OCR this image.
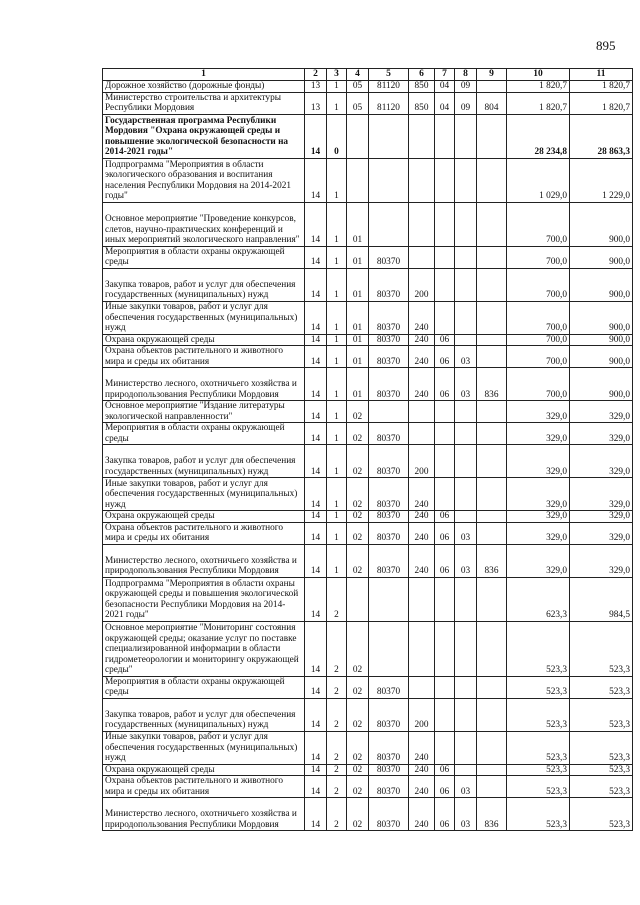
895
1	2	3	4	5	6	7	8	9	10	11
Дорожное хозяйство (дорожные фонды)	13	1	05	81120	850	04	09		1 820,7	1 820,7
Министерство строительства и архитектуры Республики Мордовия	13	1	05	81120	850	04	09	804	1 820,7	1 820,7
Государственная программа Республики Мордовия "Охрана окружающей среды и повышение экологической безопасности на 2014-2021 годы"	14	0							28 234,8	28 863,3
Подпрограмма "Мероприятия в области экологического образования и воспитания населения Республики Мордовия на 2014-2021 годы"	14	1							1 029,0	1 229,0
Основное мероприятие "Проведение конкурсов, слетов, научно-практических конференций и иных мероприятий экологического направления"	14	1	01						700,0	900,0
Мероприятия в области охраны окружающей среды	14	1	01	80370					700,0	900,0
Закупка товаров, работ и услуг для обеспечения государственных (муниципальных) нужд	14	1	01	80370	200				700,0	900,0
Иные закупки товаров, работ и услуг для обеспечения государственных (муниципальных) нужд	14	1	01	80370	240				700,0	900,0
Охрана окружающей среды	14	1	01	80370	240	06			700,0	900,0
Охрана объектов растительного и животного мира и среды их обитания	14	1	01	80370	240	06	03		700,0	900,0
Министерство лесного, охотничьего хозяйства и природопользования Республики Мордовия	14	1	01	80370	240	06	03	836	700,0	900,0
Основное мероприятие "Издание литературы экологической направленности"	14	1	02						329,0	329,0
Мероприятия в области охраны окружающей среды	14	1	02	80370					329,0	329,0
Закупка товаров, работ и услуг для обеспечения государственных (муниципальных) нужд	14	1	02	80370	200				329,0	329,0
Иные закупки товаров, работ и услуг для обеспечения государственных (муниципальных) нужд	14	1	02	80370	240				329,0	329,0
Охрана окружающей среды	14	1	02	80370	240	06			329,0	329,0
Охрана объектов растительного и животного мира и среды их обитания	14	1	02	80370	240	06	03		329,0	329,0
Министерство лесного, охотничьего хозяйства и природопользования Республики Мордовия	14	1	02	80370	240	06	03	836	329,0	329,0
Подпрограмма "Мероприятия в области охраны окружающей среды и повышения экологической безопасности Республики Мордовия на 2014-2021 годы"	14	2							623,3	984,5
Основное мероприятие "Мониторинг состояния окружающей среды; оказание услуг по поставке специализированной информации в области гидрометеорологии и мониторингу окружающей среды"	14	2	02						523,3	523,3
Мероприятия в области охраны окружающей среды	14	2	02	80370					523,3	523,3
Закупка товаров, работ и услуг для обеспечения государственных (муниципальных) нужд	14	2	02	80370	200				523,3	523,3
Иные закупки товаров, работ и услуг для обеспечения государственных (муниципальных) нужд	14	2	02	80370	240				523,3	523,3
Охрана окружающей среды	14	2	02	80370	240	06			523,3	523,3
Охрана объектов растительного и животного мира и среды их обитания	14	2	02	80370	240	06	03		523,3	523,3
Министерство лесного, охотничьего хозяйства и природопользования Республики Мордовия	14	2	02	80370	240	06	03	836	523,3	523,3
